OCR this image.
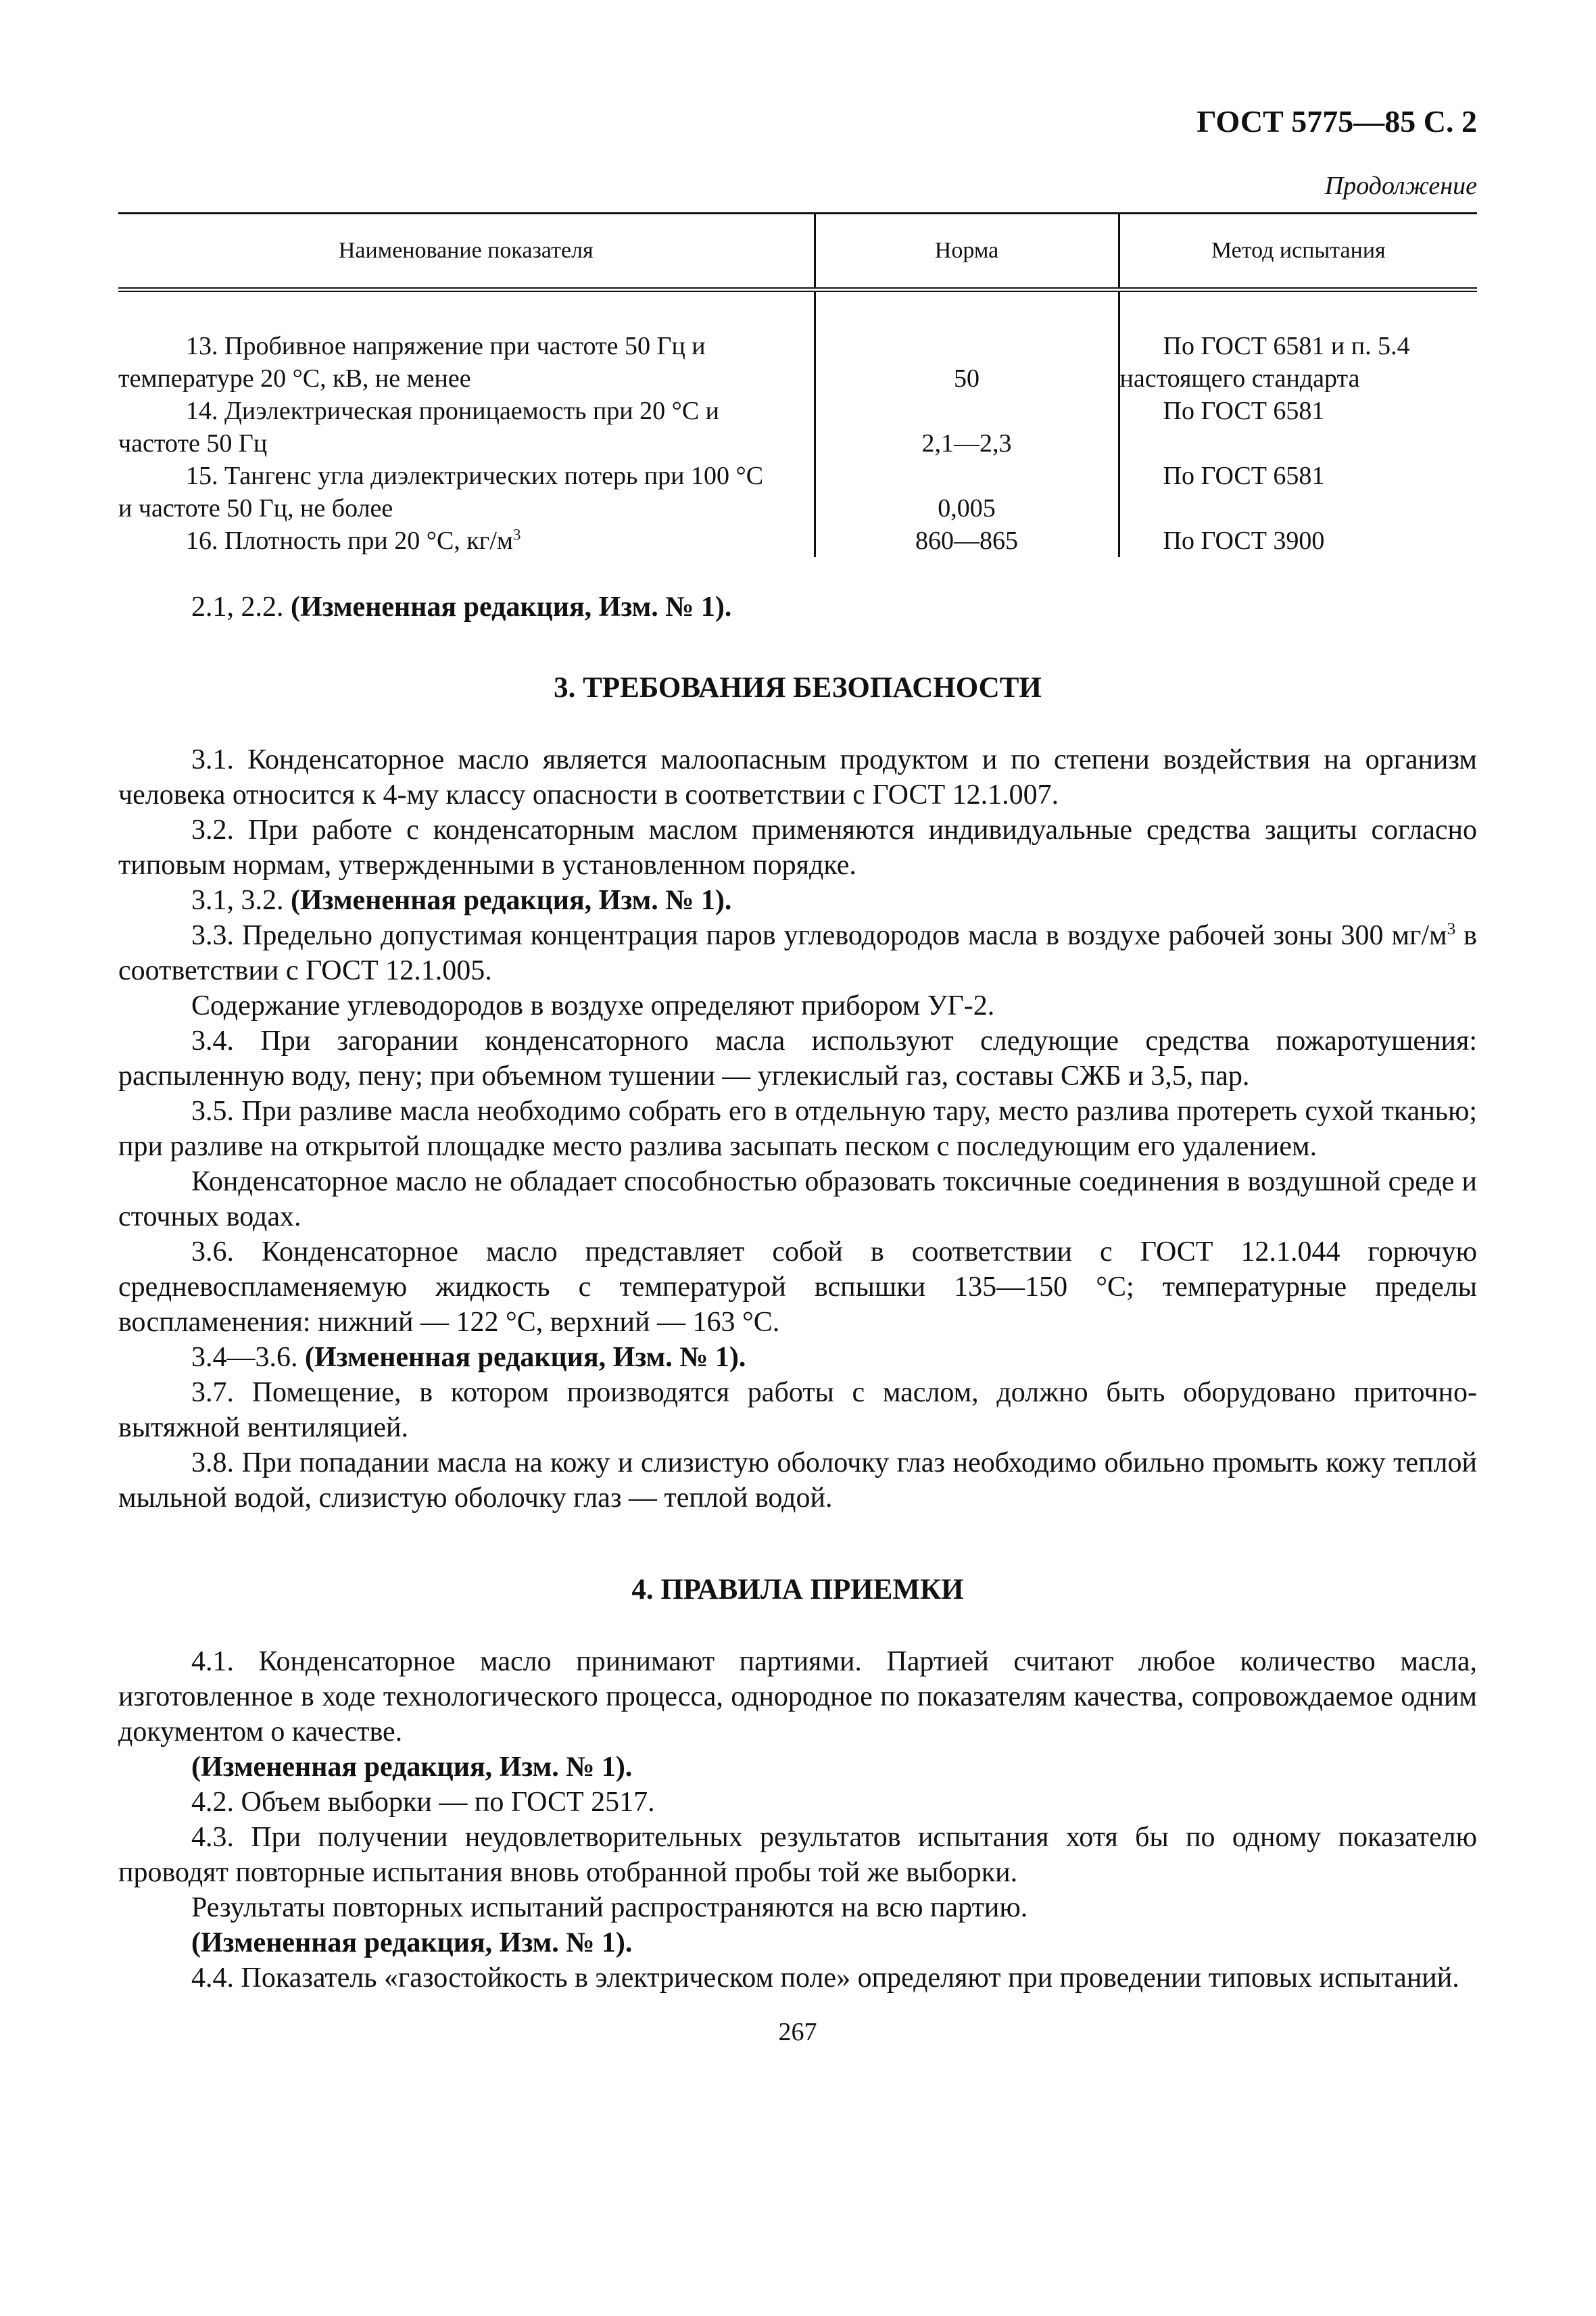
ГОСТ 5775—85 С. 2
Продолжение
Наименование показателя	Норма	Метод испытания

13. Пробивное напряжение при частоте 50 Гц и
температуре 20 °С, кВ, не менее	50	По ГОСТ 6581 и п. 5.4
настоящего стандарта

14. Диэлектрическая проницаемость при 20 °С и
частоте 50 Гц	2,1—2,3	По ГОСТ 6581

15. Тангенс угла диэлектрических потерь при 100 °С
и частоте 50 Гц, не более	0,005	По ГОСТ 6581

16. Плотность при 20 °С, $кг/м^3$	860—865	По ГОСТ 3900

2.1, 2.2. (Измененная редакция, Изм. № 1).

3. ТРЕБОВАНИЯ БЕЗОПАСНОСТИ

3.1. Конденсаторное масло является малоопасным продуктом и по степени воздействия на организм человека относится к 4-му классу опасности в соответствии с ГОСТ 12.1.007.

3.2. При работе с конденсаторным маслом применяются индивидуальные средства защиты согласно типовым нормам, утвержденными в установленном порядке.

3.1, 3.2. (Измененная редакция, Изм. № 1).

3.3. Предельно допустимая концентрация паров углеводородов масла в воздухе рабочей зоны 300 $мг/м^3$ в соответствии с ГОСТ 12.1.005.

Содержание углеводородов в воздухе определяют прибором УГ-2.

3.4. При загорании конденсаторного масла используют следующие средства пожаротушения: распыленную воду, пену; при объемном тушении — углекислый газ, составы СЖБ и 3,5, пар.

3.5. При разливе масла необходимо собрать его в отдельную тару, место разлива протереть сухой тканью; при разливе на открытой площадке место разлива засыпать песком с последующим его удалением.

Конденсаторное масло не обладает способностью образовать токсичные соединения в воздушной среде и сточных водах.

3.6. Конденсаторное масло представляет собой в соответствии с ГОСТ 12.1.044 горючую средневоспламеняемую жидкость с температурой вспышки 135—150 °С; температурные пределы воспламенения: нижний — 122 °С, верхний — 163 °С.

3.4—3.6. (Измененная редакция, Изм. № 1).

3.7. Помещение, в котором производятся работы с маслом, должно быть оборудовано приточно-вытяжной вентиляцией.

3.8. При попадании масла на кожу и слизистую оболочку глаз необходимо обильно промыть кожу теплой мыльной водой, слизистую оболочку глаз — теплой водой.

4. ПРАВИЛА ПРИЕМКИ

4.1. Конденсаторное масло принимают партиями. Партией считают любое количество масла, изготовленное в ходе технологического процесса, однородное по показателям качества, сопровождаемое одним документом о качестве.

(Измененная редакция, Изм. № 1).

4.2. Объем выборки — по ГОСТ 2517.

4.3. При получении неудовлетворительных результатов испытания хотя бы по одному показателю проводят повторные испытания вновь отобранной пробы той же выборки.

Результаты повторных испытаний распространяются на всю партию.

(Измененная редакция, Изм. № 1).

4.4. Показатель «газостойкость в электрическом поле» определяют при проведении типовых испытаний.

267
